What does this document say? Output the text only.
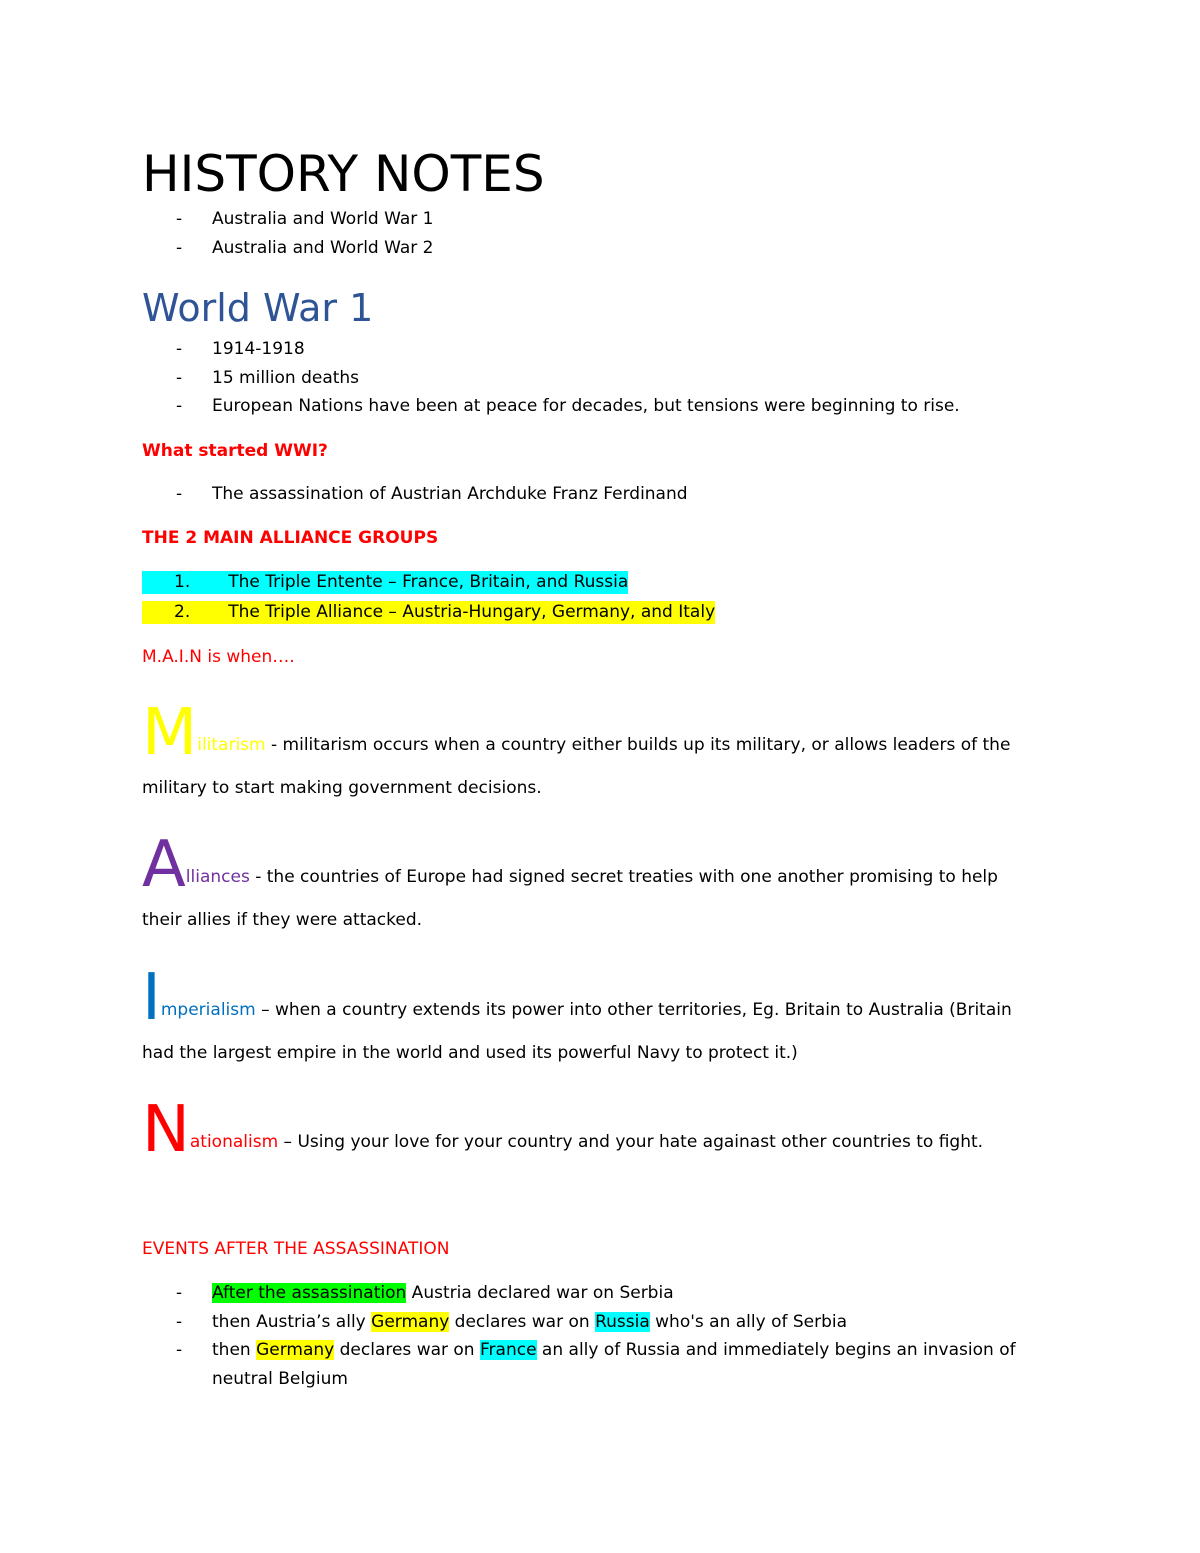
HISTORY NOTES
- Australia and World War 1
- Australia and World War 2
World War 1
- 1914-1918
- 15 million deaths
- European Nations have been at peace for decades, but tensions were beginning to rise.
What started WWI?
- The assassination of Austrian Archduke Franz Ferdinand
THE 2 MAIN ALLIANCE GROUPS
1. The Triple Entente – France, Britain, and Russia
2. The Triple Alliance – Austria-Hungary, Germany, and Italy
M.A.I.N is when….
Militarism - militarism occurs when a country either builds up its military, or allows leaders of the
military to start making government decisions.
Alliances - the countries of Europe had signed secret treaties with one another promising to help
their allies if they were attacked.
Imperialism – when a country extends its power into other territories, Eg. Britain to Australia (Britain
had the largest empire in the world and used its powerful Navy to protect it.)
Nationalism – Using your love for your country and your hate againast other countries to fight.
EVENTS AFTER THE ASSASSINATION
- After the assassination Austria declared war on Serbia
- then Austria’s ally Germany declares war on Russia who's an ally of Serbia
- then Germany declares war on France an ally of Russia and immediately begins an invasion of
neutral Belgium
